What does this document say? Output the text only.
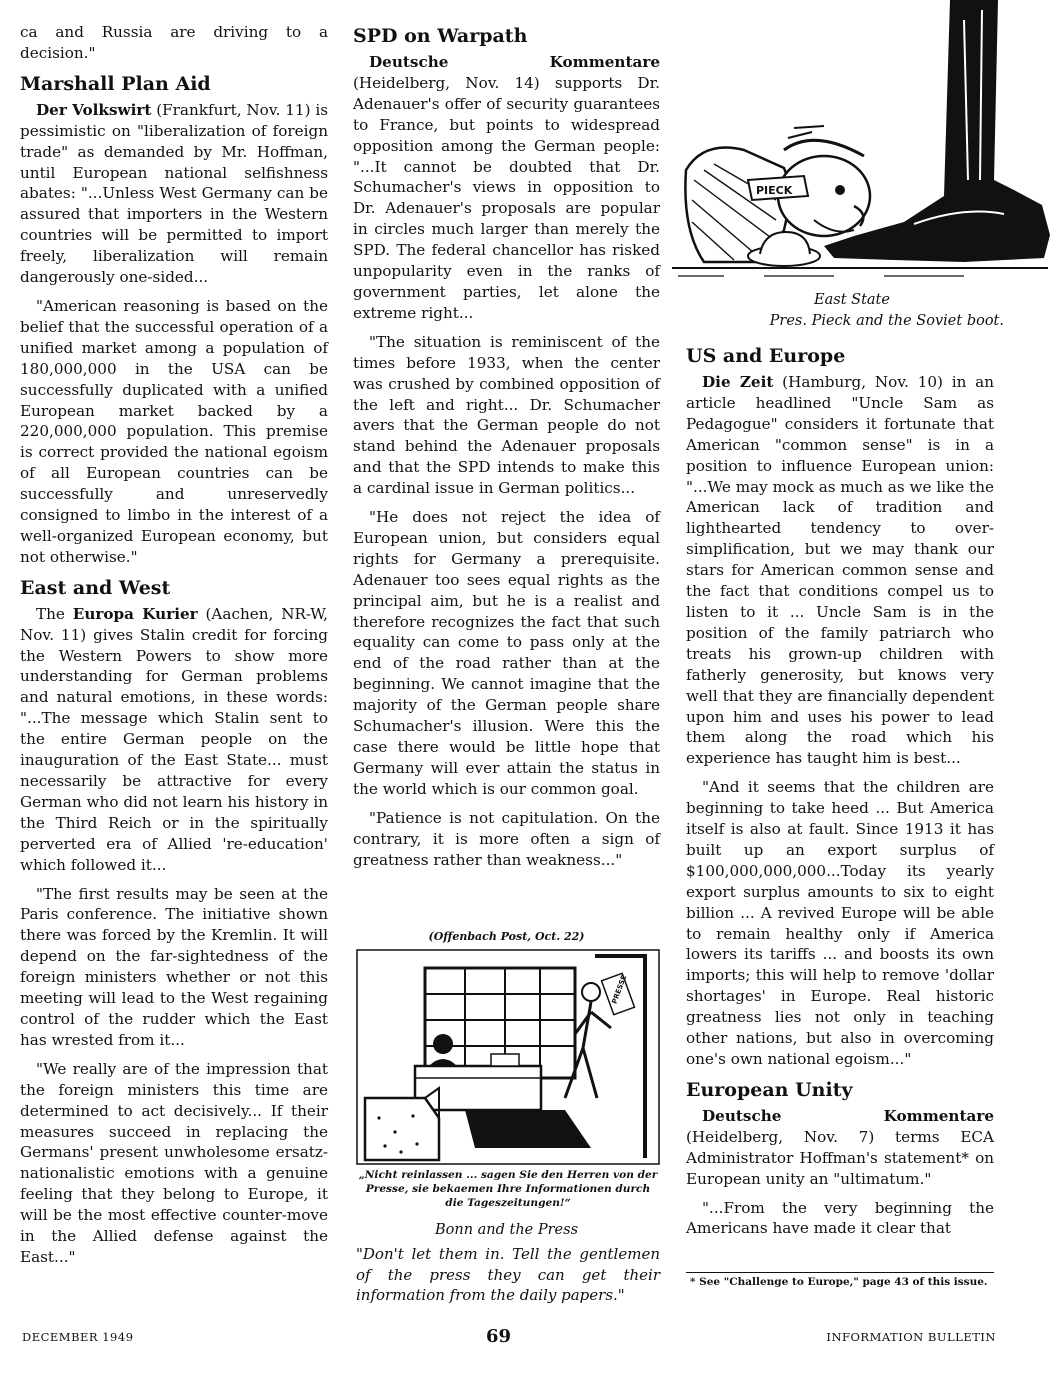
ca and Russia are driving to a decision."

Marshall Plan Aid

Der Volkswirt (Frankfurt, Nov. 11) is pessimistic on "liberalization of foreign trade" as demanded by Mr. Hoffman, until European national selfishness abates: "...Unless West Germany can be assured that importers in the Western countries will be permitted to import freely, liberalization will remain dangerously one-sided...

"American reasoning is based on the belief that the successful operation of a unified market among a population of 180,000,000 in the USA can be successfully duplicated with a unified European market backed by a 220,000,000 population. This premise is correct provided the national egoism of all European countries can be successfully and unreservedly consigned to limbo in the interest of a well-organized European economy, but not otherwise."

East and West

The Europa Kurier (Aachen, NR-W, Nov. 11) gives Stalin credit for forcing the Western Powers to show more understanding for German problems and natural emotions, in these words: "...The message which Stalin sent to the entire German people on the inauguration of the East State... must necessarily be attractive for every German who did not learn his history in the Third Reich or in the spiritually perverted era of Allied 're-education' which followed it...

"The first results may be seen at the Paris conference. The initiative shown there was forced by the Kremlin. It will depend on the far-sightedness of the foreign ministers whether or not this meeting will lead to the West regaining control of the rudder which the East has wrested from it...

"We really are of the impression that the foreign ministers this time are determined to act decisively... If their measures succeed in replacing the Germans' present unwholesome ersatz-nationalistic emotions with a genuine feeling that they belong to Europe, it will be the most effective counter-move in the Allied defense against the East..."

SPD on Warpath

Deutsche Kommentare (Heidelberg, Nov. 14) supports Dr. Adenauer's offer of security guarantees to France, but points to widespread opposition among the German people: "...It cannot be doubted that Dr. Schumacher's views in opposition to Dr. Adenauer's proposals are popular in circles much larger than merely the SPD. The federal chancellor has risked unpopularity even in the ranks of government parties, let alone the extreme right...

"The situation is reminiscent of the times before 1933, when the center was crushed by combined opposition of the left and right... Dr. Schumacher avers that the German people do not stand behind the Adenauer proposals and that the SPD intends to make this a cardinal issue in German politics...

"He does not reject the idea of European union, but considers equal rights for Germany a prerequisite. Adenauer too sees equal rights as the principal aim, but he is a realist and therefore recognizes the fact that such equality can come to pass only at the end of the road rather than at the beginning. We cannot imagine that the majority of the German people share Schumacher's illusion. Were this the case there would be little hope that Germany will ever attain the status in the world which is our common goal.

"Patience is not capitulation. On the contrary, it is more often a sign of greatness rather than weakness..."

PIECK
East State
Pres. Pieck and the Soviet boot.
US and Europe

Die Zeit (Hamburg, Nov. 10) in an article headlined "Uncle Sam as Pedagogue" considers it fortunate that American "common sense" is in a position to influence European union: "...We may mock as much as we like the American lack of tradition and lighthearted tendency to over-simplification, but we may thank our stars for American common sense and the fact that conditions compel us to listen to it ... Uncle Sam is in the position of the family patriarch who treats his grown-up children with fatherly generosity, but knows very well that they are financially dependent upon him and uses his power to lead them along the road which his experience has taught him is best...

"And it seems that the children are beginning to take heed ... But America itself is also at fault. Since 1913 it has built up an export surplus of $100,000,000,000...Today its yearly export surplus amounts to six to eight billion ... A revived Europe will be able to remain healthy only if America lowers its tariffs ... and boosts its own imports; this will help to remove 'dollar shortages' in Europe. Real historic greatness lies not only in teaching other nations, but also in overcoming one's own national egoism..."

European Unity

Deutsche Kommentare (Heidelberg, Nov. 7) terms ECA Administrator Hoffman's statement* on European unity an "ultimatum."

"...From the very beginning the Americans have made it clear that

(Offenbach Post, Oct. 22)
PRESSE
„Nicht reinlassen ... sagen Sie den Herren von der Presse, sie bekaemen Ihre Informationen durch die Tageszeitungen!“
Bonn and the Press
"Don't let them in. Tell the gentlemen of the press they can get their information from the daily papers."
* See "Challenge to Europe," page 43 of this issue.
DECEMBER 1949	69	INFORMATION BULLETIN
